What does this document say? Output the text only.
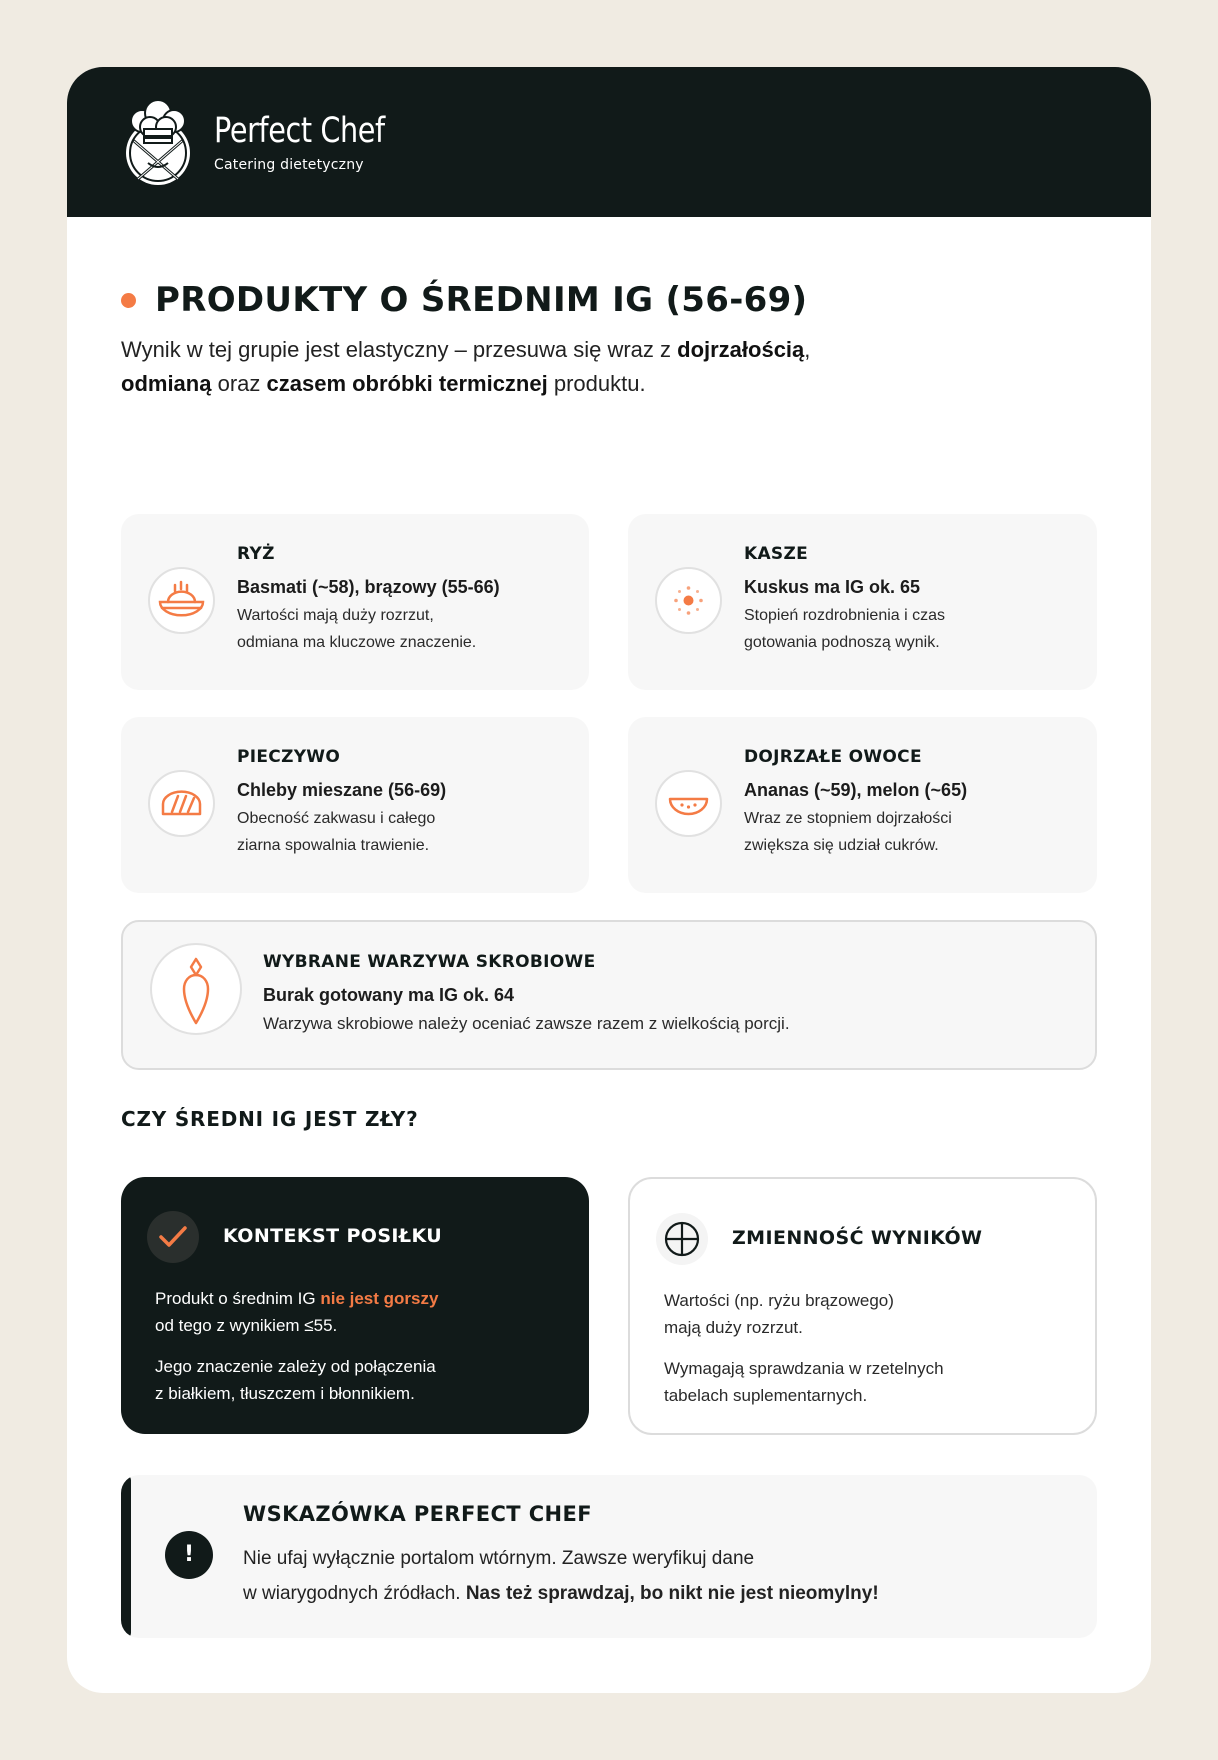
Perfect Chef
Catering dietetyczny
PRODUKTY O ŚREDNIM IG (56-69)

Wynik w tej grupie jest elastyczny – przesuwa się wraz z dojrzałością,
odmianą oraz czasem obróbki termicznej produktu.

RYŻ
Basmati (~58), brązowy (55-66)
Wartości mają duży rozrzut,
odmiana ma kluczowe znaczenie.
KASZE
Kuskus ma IG ok. 65
Stopień rozdrobnienia i czas
gotowania podnoszą wynik.
PIECZYWO
Chleby mieszane (56-69)
Obecność zakwasu i całego
ziarna spowalnia trawienie.
DOJRZAŁE OWOCE
Ananas (~59), melon (~65)
Wraz ze stopniem dojrzałości
zwiększa się udział cukrów.
WYBRANE WARZYWA SKROBIOWE
Burak gotowany ma IG ok. 64
Warzywa skrobiowe należy oceniać zawsze razem z wielkością porcji.
CZY ŚREDNI IG JEST ZŁY?
KONTEKST POSIŁKU

Produkt o średnim IG nie jest gorszy
od tego z wynikiem ≤55.

Jego znaczenie zależy od połączenia
z białkiem, tłuszczem i błonnikiem.

ZMIENNOŚĆ WYNIKÓW

Wartości (np. ryżu brązowego)
mają duży rozrzut.

Wymagają sprawdzania w rzetelnych
tabelach suplementarnych.

!
WSKAZÓWKA PERFECT CHEF

Nie ufaj wyłącznie portalom wtórnym. Zawsze weryfikuj dane
w wiarygodnych źródłach. Nas też sprawdzaj, bo nikt nie jest nieomylny!
